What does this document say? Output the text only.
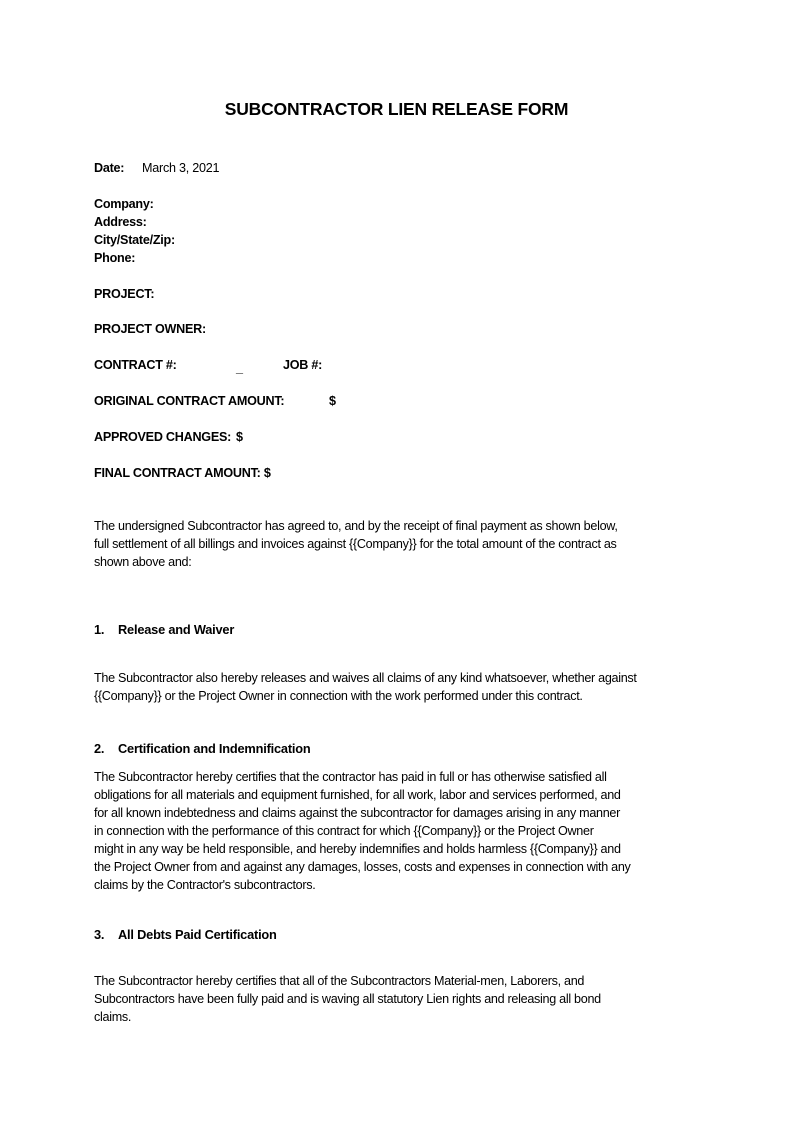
SUBCONTRACTOR LIEN RELEASE FORM
Date: March 3, 2021
Company:
Address:
City/State/Zip:
Phone:
PROJECT:
PROJECT OWNER:
CONTRACT #:	_	JOB #:
ORIGINAL CONTRACT AMOUNT:	$
APPROVED CHANGES: $
FINAL CONTRACT AMOUNT: $
The undersigned Subcontractor has agreed to, and by the receipt of final payment as shown below,
full settlement of all billings and invoices against {{Company}} for the total amount of the contract as
shown above and:
1. Release and Waiver
The Subcontractor also hereby releases and waives all claims of any kind whatsoever, whether against
{{Company}} or the Project Owner in connection with the work performed under this contract.
2. Certification and Indemnification
The Subcontractor hereby certifies that the contractor has paid in full or has otherwise satisfied all
obligations for all materials and equipment furnished, for all work, labor and services performed, and
for all known indebtedness and claims against the subcontractor for damages arising in any manner
in connection with the performance of this contract for which {{Company}} or the Project Owner
might in any way be held responsible, and hereby indemnifies and holds harmless {{Company}} and
the Project Owner from and against any damages, losses, costs and expenses in connection with any
claims by the Contractor's subcontractors.
3. All Debts Paid Certification
The Subcontractor hereby certifies that all of the Subcontractors Material-men, Laborers, and
Subcontractors have been fully paid and is waving all statutory Lien rights and releasing all bond
claims.
